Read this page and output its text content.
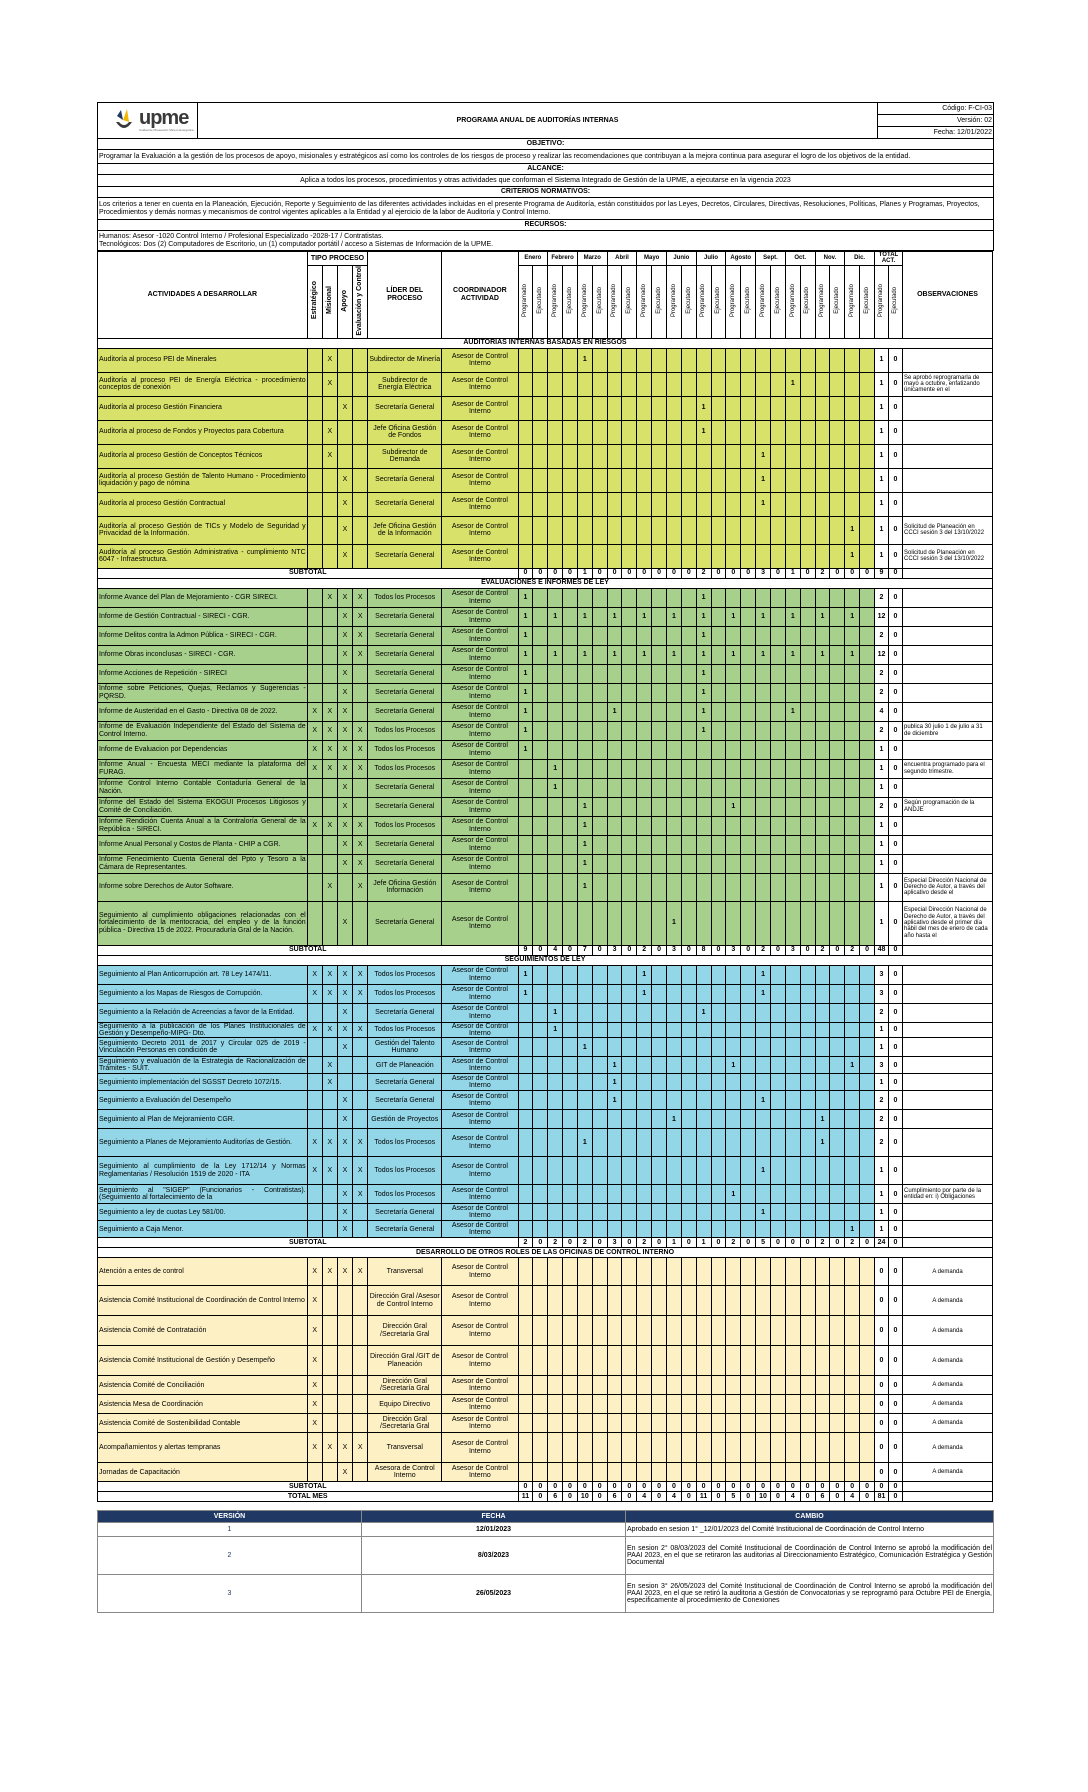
upme
Unidad de Planeación Minero Energética
	PROGRAMA ANUAL DE AUDITORÍAS INTERNAS	Código: F-CI-03
Versión: 02
Fecha: 12/01/2022
OBJETIVO:
Programar la Evaluación a la gestión de los procesos de apoyo, misionales y estratégicos así como los controles de los riesgos de proceso y realizar las recomendaciones que contribuyan a la mejora continua para asegurar el logro de los objetivos de la entidad.
ALCANCE:
Aplica a todos los procesos, procedimientos y otras actividades que conforman el Sistema Integrado de Gestión de la UPME, a ejecutarse en la vigencia 2023
CRITERIOS NORMATIVOS:
Los criterios a tener en cuenta en la Planeación, Ejecución, Reporte y Seguimiento de las diferentes actividades incluidas en el presente Programa de Auditoría, están constituidos por las Leyes, Decretos, Circulares, Directivas, Resoluciones, Políticas, Planes y Programas, Proyectos, Procedimientos y demás normas y mecanismos de control vigentes aplicables a la Entidad y al ejercicio de la labor de Auditoría y Control Interno.
RECURSOS:

Humanos: Asesor -1020 Control Interno / Profesional Especializado -2028-17 / Contratistas.
Tecnológicos: Dos (2) Computadores de Escritorio, un (1) computador portátil / acceso a Sistemas de Información de la UPME.
ACTIVIDADES A DESARROLLAR	TIPO PROCESO				LÍDER DEL PROCESO	COORDINADOR ACTIVIDAD	Enero		Febrero		Marzo		Abril		Mayo		Junio		Julio		Agosto		Sept.		Oct.		Nov.		Dic.		TOTAL ACT.		OBSERVACIONES
	Estratégico	Misional	Apoyo	Evaluación y Control			Programado	Ejecutado	Programado	Ejecutado	Programado	Ejecutado	Programado	Ejecutado	Programado	Ejecutado	Programado	Ejecutado	Programado	Ejecutado	Programado	Ejecutado	Programado	Ejecutado	Programado	Ejecutado	Programado	Ejecutado	Programado	Ejecutado	Programado	Ejecutado	
AUDITORIAS INTERNAS BASADAS EN RIESGOS																																	
Auditoría al proceso PEI de Minerales		X			Subdirector de Minería	Asesor de Control Interno					1																				1	0	
Auditoría al proceso PEI de Energía Eléctrica - procedimiento conceptos de conexión		X			Subdirector de Energía Eléctrica	Asesor de Control Interno																			1						1	0	Se aprobó reprogramarla de mayo a octubre, enfatizando únicamente en el
Auditoría al proceso Gestión Financiera			X		Secretaría General	Asesor de Control Interno													1												1	0	
Auditoría al proceso de Fondos y Proyectos para Cobertura		X			Jefe Oficina Gestión de Fondos	Asesor de Control Interno													1												1	0	
Auditoría al proceso Gestión de Conceptos Técnicos		X			Subdirector de Demanda	Asesor de Control Interno																	1								1	0	
Auditoría al proceso Gestión de Talento Humano - Procedimiento liquidación y pago de nómina			X		Secretaría General	Asesor de Control Interno																	1								1	0	
Auditoría al proceso Gestión Contractual			X		Secretaría General	Asesor de Control Interno																	1								1	0	
Auditoría al proceso Gestión de TICs y Modelo de Seguridad y Privacidad de la Información.			X		Jefe Oficina Gestión de la Información	Asesor de Control Interno																							1		1	0	Solicitud de Planeación en CCCI sesión 3 del 13/10/2022
Auditoría al proceso Gestión Administrativa - cumplimiento NTC 6047 - Infraestructura.			X		Secretaría General	Asesor de Control Interno																							1		1	0	Solicitud de Planeación en CCCI sesión 3 del 13/10/2022
SUBTOTAL							0	0	0	0	1	0	0	0	0	0	0	0	2	0	0	0	3	0	1	0	2	0	0	0	9	0	
EVALUACIONES E INFORMES DE LEY																																	
Informe Avance del Plan de Mejoramiento - CGR SIRECI.		X	X	X	Todos los Procesos	Asesor de Control Interno	1												1												2	0	
Informe de Gestión Contractual - SIRECI - CGR.			X	X	Secretaría General	Asesor de Control Interno	1		1		1		1		1		1		1		1		1		1		1		1		12	0	
Informe Delitos contra la Admon Pública - SIRECI - CGR.			X	X	Secretaría General	Asesor de Control Interno	1												1												2	0	
Informe Obras inconclusas - SIRECI - CGR.			X	X	Secretaría General	Asesor de Control Interno	1		1		1		1		1		1		1		1		1		1		1		1		12	0	
Informe Acciones de Repetición - SIRECI			X		Secretaría General	Asesor de Control Interno	1												1												2	0	
Informe sobre Peticiones, Quejas, Reclamos y Sugerencias - PQRSD.			X		Secretaría General	Asesor de Control Interno	1												1												2	0	
Informe de Austeridad en el Gasto - Directiva 08 de 2022.	X	X	X		Secretaría General	Asesor de Control Interno	1						1						1						1						4	0	
Informe de Evaluación Independiente del Estado del Sistema de Control Interno.	X	X	X	X	Todos los Procesos	Asesor de Control Interno	1												1												2	0	publica 30 julio 1 de julio a 31 de diciembre
Informe de Evaluacion por Dependencias	X	X	X	X	Todos los Procesos	Asesor de Control Interno	1																								1	0	
Informe Anual - Encuesta MECI mediante la plataforma del FURAG.	X	X	X	X	Todos los Procesos	Asesor de Control Interno			1																						1	0	encuentra programado para el segundo trimestre.
Informe Control Interno Contable Contaduría General de la Nación.			X		Secretaría General	Asesor de Control Interno			1																						1	0	
Informe del Estado del Sistema EKOGUI Procesos Litigiosos y Comité de Conciliación.			X		Secretaría General	Asesor de Control Interno					1										1										2	0	Según programación de la ANDJE
Informe Rendición Cuenta Anual a la Contraloría General de la República - SIRECI.	X	X	X	X	Todos los Procesos	Asesor de Control Interno					1																				1	0	
Informe Anual Personal y Costos de Planta - CHIP a CGR.			X	X	Secretaría General	Asesor de Control Interno					1																				1	0	
Informe Fenecimiento Cuenta General del Ppto y Tesoro a la Cámara de Representantes.			X	X	Secretaría General	Asesor de Control Interno					1																				1	0	
Informe sobre Derechos de Autor Software.		X		X	Jefe Oficina Gestión Información	Asesor de Control Interno					1																				1	0	Especial Dirección Nacional de Derecho de Autor, a través del aplicativo desde el
Seguimiento al cumplimiento obligaciones relacionadas con el fortalecimiento de la meritocracia, del empleo y de la función pública - Directiva 15 de 2022. Procuraduría Gral de la Nación.			X		Secretaría General	Asesor de Control Interno											1														1	0	Especial Dirección Nacional de Derecho de Autor, a través del aplicativo desde el primer día hábil del mes de enero de cada año hasta el
SUBTOTAL							9	0	4	0	7	0	3	0	2	0	3	0	8	0	3	0	2	0	3	0	2	0	2	0	48	0	
SEGUIMIENTOS DE LEY																																	
Seguimiento al Plan Anticorrupción art. 78 Ley 1474/11.	X	X	X	X	Todos los Procesos	Asesor de Control Interno	1								1								1								3	0	
Seguimiento a los Mapas de Riesgos de Corrupción.	X	X	X	X	Todos los Procesos	Asesor de Control Interno	1								1								1								3	0	
Seguimiento a la Relación de Acreencias a favor de la Entidad.			X		Secretaría General	Asesor de Control Interno			1										1												2	0	
Seguimiento a la publicación de los Planes Institucionales de Gestión y Desempeño-MIPG- Dto.	X	X	X	X	Todos los Procesos	Asesor de Control Interno			1																						1	0	
Seguimiento Decreto 2011 de 2017 y Circular 025 de 2019 - Vinculación Personas en condición de			X		Gestión del Talento Humano	Asesor de Control Interno					1																				1	0	
Seguimiento y evaluación de la Estrategia de Racionalización de Trámites - SUIT.		X			GIT de Planeación	Asesor de Control Interno							1								1								1		3	0	
Seguimiento implementación del SGSST Decreto 1072/15.		X			Secretaría General	Asesor de Control Interno							1																		1	0	
Seguimiento a Evaluación del Desempeño			X		Secretaría General	Asesor de Control Interno							1										1								2	0	
Seguimiento al Plan de Mejoramiento CGR.			X		Gestión de Proyectos	Asesor de Control Interno											1										1				2	0	
Seguimiento a Planes de Mejoramiento Auditorías de Gestión.	X	X	X	X	Todos los Procesos	Asesor de Control Interno					1																1				2	0	
Seguimiento al cumplimiento de la Ley 1712/14 y Normas Reglamentarias / Resolución 1519 de 2020 - ITA	X	X	X	X	Todos los Procesos	Asesor de Control Interno																	1								1	0	
Seguimiento al "SIGEP" (Funcionarios - Contratistas). (Seguimiento al fortalecimiento de la			X	X	Todos los Procesos	Asesor de Control Interno															1										1	0	Cumplimiento por parte de la entidad en: i) Obligaciones
Seguimiento a ley de cuotas Ley 581/00.			X		Secretaría General	Asesor de Control Interno																	1								1	0	
Seguimiento a Caja Menor.			X		Secretaría General	Asesor de Control Interno																							1		1	0	
SUBTOTAL							2	0	2	0	2	0	3	0	2	0	1	0	1	0	2	0	5	0	0	0	2	0	2	0	24	0	
DESARROLLO DE OTROS ROLES DE LAS OFICINAS DE CONTROL INTERNO																																	
Atención a entes de control	X	X	X	X	Transversal	Asesor de Control Interno																									0	0	A demanda
Asistencia Comité Institucional de Coordinación de Control Interno	X				Dirección Gral /Asesor de Control Interno	Asesor de Control Interno																									0	0	A demanda
Asistencia Comité de Contratación	X				Dirección Gral /Secretaría Gral	Asesor de Control Interno																									0	0	A demanda
Asistencia Comité Institucional de Gestión y Desempeño	X				Dirección Gral /GIT de Planeación	Asesor de Control Interno																									0	0	A demanda
Asistencia Comité de Conciliación	X				Dirección Gral /Secretaría Gral	Asesor de Control Interno																									0	0	A demanda
Asistencia Mesa de Coordinación	X				Equipo Directivo	Asesor de Control Interno																									0	0	A demanda
Asistencia Comité de Sostenibilidad Contable	X				Dirección Gral /Secretaría Gral	Asesor de Control Interno																									0	0	A demanda
Acompañamientos y alertas tempranas	X	X	X	X	Transversal	Asesor de Control Interno																									0	0	A demanda
Jornadas de Capacitación			X		Asesora de Control Interno	Asesor de Control Interno																									0	0	A demanda
SUBTOTAL							0	0	0	0	0	0	0	0	0	0	0	0	0	0	0	0	0	0	0	0	0	0	0	0	0	0	
TOTAL MES							11	0	6	0	10	0	6	0	4	0	4	0	11	0	5	0	10	0	4	0	6	0	4	0	81	0	
VERSIÓN	FECHA	CAMBIO
1	12/01/2023	Aprobado en sesion 1° _12/01/2023 del Comité Institucional de Coordinación de Control Interno
2	8/03/2023	En sesion 2° 08/03/2023 del Comité Institucional de Coordinación de Control Interno se aprobó la modificación del PAAI 2023, en el que se retiraron las auditorias al Direccionamiento Estratégico, Comunicación Estratégica y Gestión Documental
3	26/05/2023	En sesion 3° 26/05/2023 del Comité Institucional de Coordinación de Control Interno se aprobó la modificación del PAAI 2023, en el que se retiró la auditoria a Gestión de Convocatorias y se reprogramó para Octubre PEI de Energía, especificamente al procedimiento de Conexiones
